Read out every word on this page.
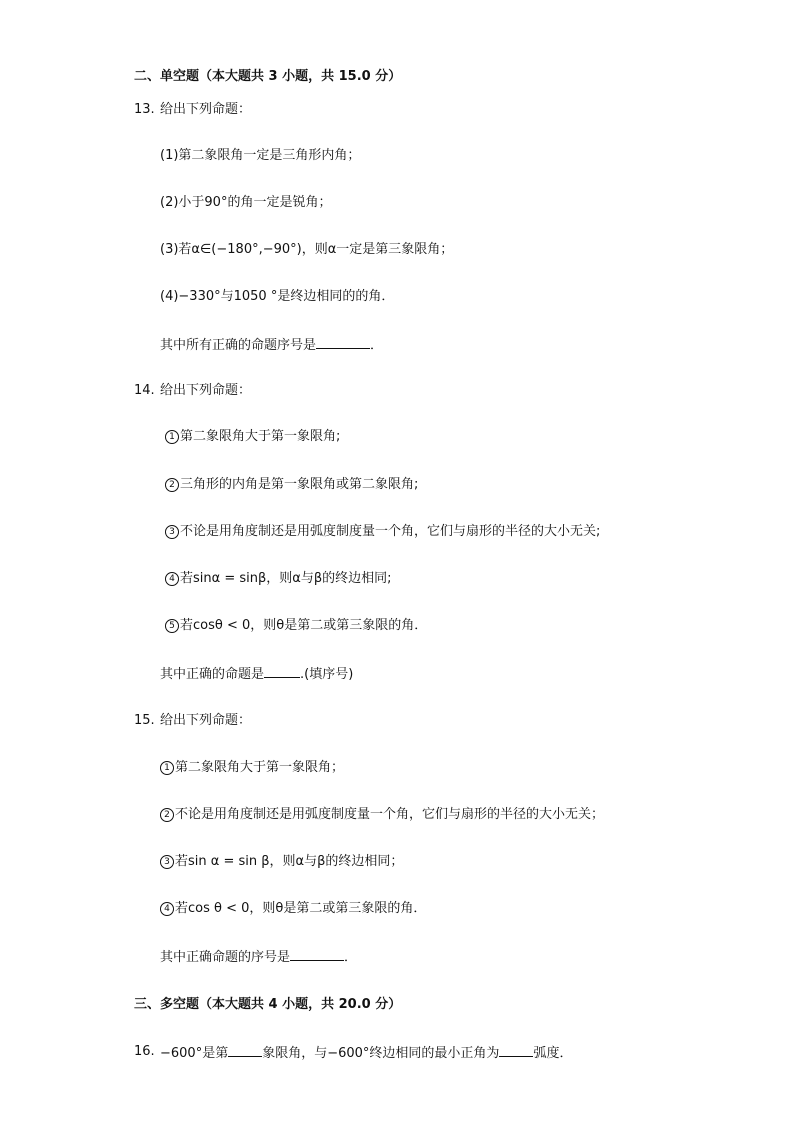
二、单空题（本大题共 3 小题，共 15.0 分）
13. 给出下列命题：
(1)第二象限角一定是三角形内角；
(2)小于90°的角一定是锐角；
(3)若α∈(−180°,−90°)，则α一定是第三象限角；
(4)−330°与1050 °是终边相同的的角．
其中所有正确的命题序号是	．
14. 给出下列命题：
1 第二象限角大于第一象限角;
2 三角形的内角是第一象限角或第二象限角;
3 不论是用角度制还是用弧度制度量一个角，它们与扇形的半径的大小无关;
4 若sinα = sinβ，则α与β的终边相同;
5 若cosθ < 0，则θ是第二或第三象限的角．
其中正确的命题是	.(填序号)
15. 给出下列命题：
1 第二象限角大于第一象限角；
2 不论是用角度制还是用弧度制度量一个角，它们与扇形的半径的大小无关；
3 若sin α = sin β，则α与β的终边相同；
4 若cos θ < 0，则θ是第二或第三象限的角．
其中正确命题的序号是	．
三、多空题（本大题共 4 小题，共 20.0 分）
16. −600°是第	象限角，与−600°终边相同的最小正角为	弧度．
